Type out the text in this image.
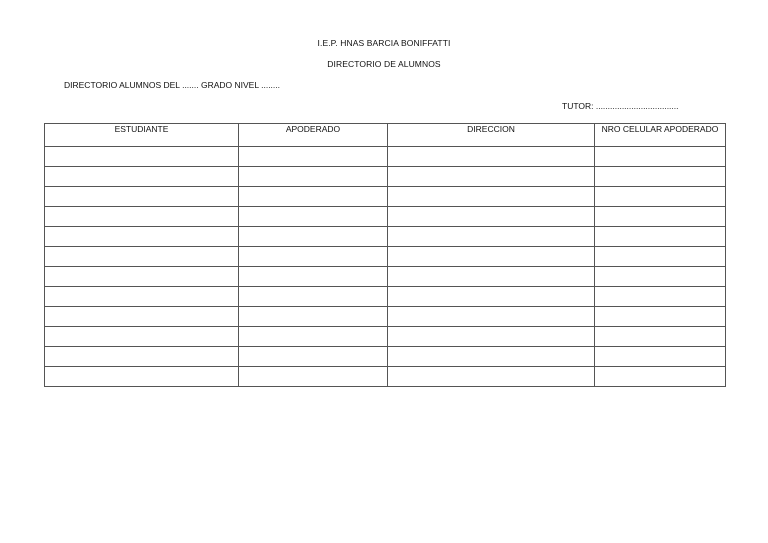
I.E.P. HNAS BARCIA BONIFFATTI
DIRECTORIO DE ALUMNOS
DIRECTORIO ALUMNOS DEL ....... GRADO NIVEL ........
TUTOR: ...................................
ESTUDIANTE	APODERADO	DIRECCION	NRO CELULAR APODERADO
